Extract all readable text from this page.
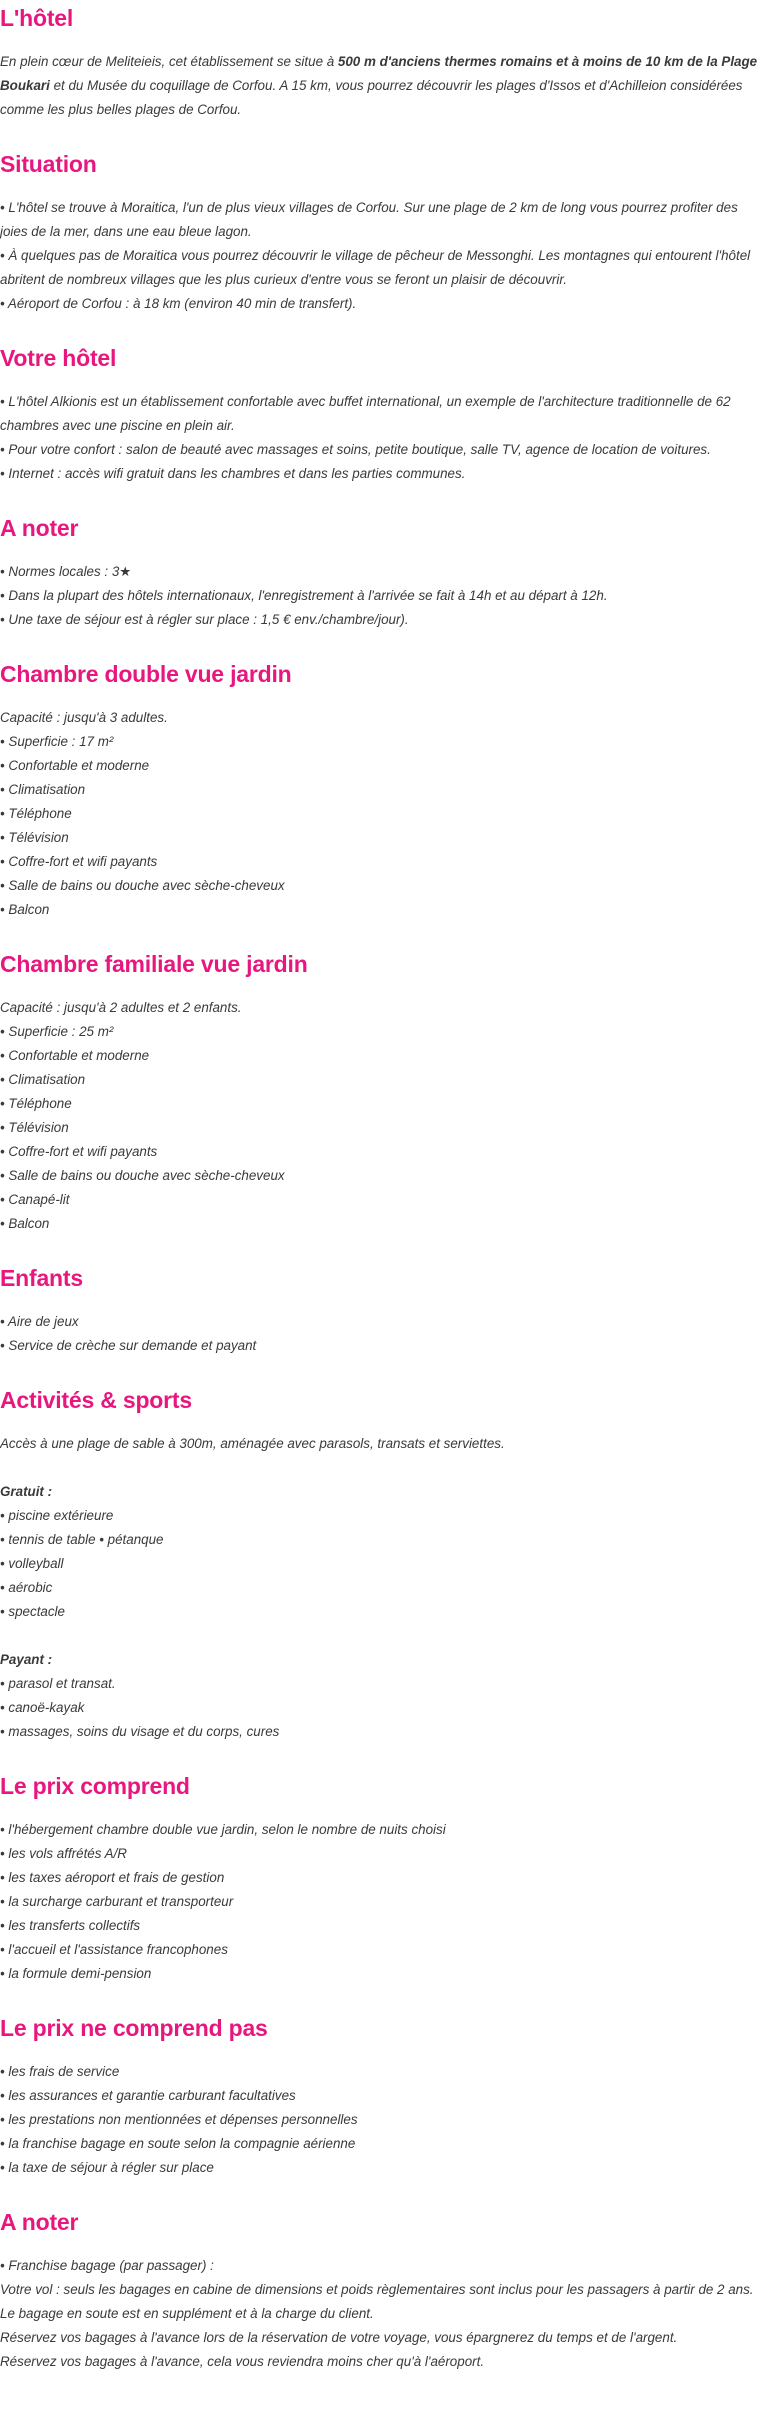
L'hôtel

En plein cœur de Meliteieis, cet établissement se situe à 500 m d'anciens thermes romains et à moins de 10 km de la Plage Boukari et du Musée du coquillage de Corfou. A 15 km, vous pourrez découvrir les plages d'Issos et d'Achilleion considérées comme les plus belles plages de Corfou.

Situation

• L'hôtel se trouve à Moraitica, l'un de plus vieux villages de Corfou. Sur une plage de 2 km de long vous pourrez profiter des joies de la mer, dans une eau bleue lagon.
• À quelques pas de Moraitica vous pourrez découvrir le village de pêcheur de Messonghi. Les montagnes qui entourent l'hôtel abritent de nombreux villages que les plus curieux d'entre vous se feront un plaisir de découvrir.
• Aéroport de Corfou : à 18 km (environ 40 min de transfert).

Votre hôtel

• L'hôtel Alkionis est un établissement confortable avec buffet international, un exemple de l'architecture traditionnelle de 62 chambres avec une piscine en plein air.
• Pour votre confort : salon de beauté avec massages et soins, petite boutique, salle TV, agence de location de voitures.
• Internet : accès wifi gratuit dans les chambres et dans les parties communes.

A noter

• Normes locales : 3★
• Dans la plupart des hôtels internationaux, l'enregistrement à l'arrivée se fait à 14h et au départ à 12h.
• Une taxe de séjour est à régler sur place : 1,5 € env./chambre/jour).

Chambre double vue jardin

Capacité : jusqu'à 3 adultes.
• Superficie : 17 m²
• Confortable et moderne
• Climatisation
• Téléphone
• Télévision
• Coffre-fort et wifi payants
• Salle de bains ou douche avec sèche-cheveux
• Balcon

Chambre familiale vue jardin

Capacité : jusqu'à 2 adultes et 2 enfants.
• Superficie : 25 m²
• Confortable et moderne
• Climatisation
• Téléphone
• Télévision
• Coffre-fort et wifi payants
• Salle de bains ou douche avec sèche-cheveux
• Canapé-lit
• Balcon

Enfants

• Aire de jeux
• Service de crèche sur demande et payant

Activités & sports

Accès à une plage de sable à 300m, aménagée avec parasols, transats et serviettes.

Gratuit :
• piscine extérieure
• tennis de table • pétanque
• volleyball
• aérobic
• spectacle

Payant :
• parasol et transat.
• canoë-kayak
• massages, soins du visage et du corps, cures

Le prix comprend

• l'hébergement chambre double vue jardin, selon le nombre de nuits choisi
• les vols affrétés A/R
• les taxes aéroport et frais de gestion
• la surcharge carburant et transporteur
• les transferts collectifs
• l'accueil et l'assistance francophones
• la formule demi-pension

Le prix ne comprend pas

• les frais de service
• les assurances et garantie carburant facultatives
• les prestations non mentionnées et dépenses personnelles
• la franchise bagage en soute selon la compagnie aérienne
• la taxe de séjour à régler sur place

A noter

• Franchise bagage (par passager) :
Votre vol : seuls les bagages en cabine de dimensions et poids règlementaires sont inclus pour les passagers à partir de 2 ans.
Le bagage en soute est en supplément et à la charge du client.
Réservez vos bagages à l'avance lors de la réservation de votre voyage, vous épargnerez du temps et de l'argent.
Réservez vos bagages à l'avance, cela vous reviendra moins cher qu'à l'aéroport.
